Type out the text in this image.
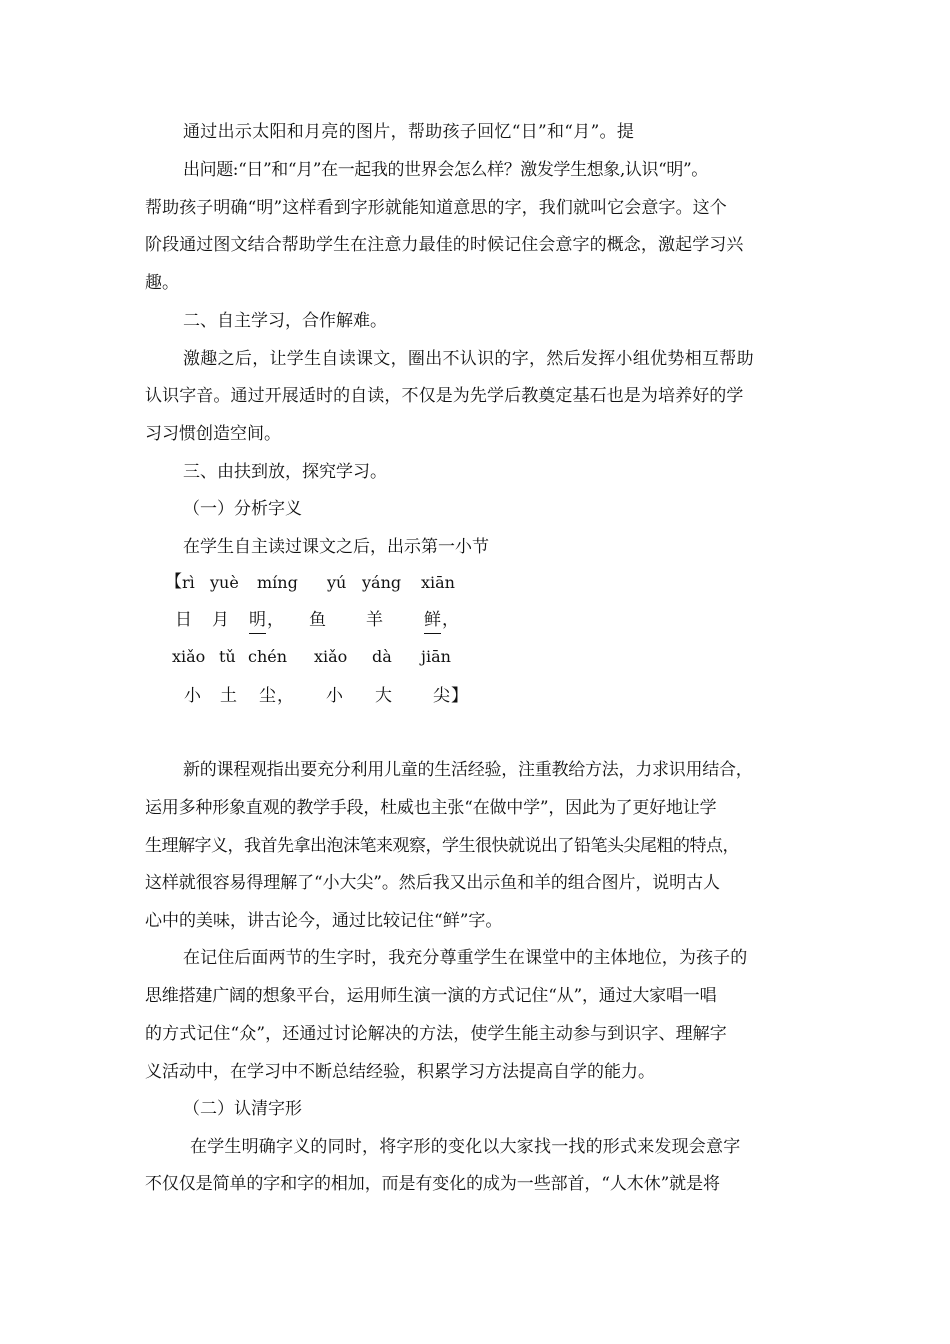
通过出示太阳和月亮的图片，帮助孩子回忆“日”和“月”。提
出问题:“日”和“月”在一起我的世界会怎么样？激发学生想象,认识“明”。
帮助孩子明确“明”这样看到字形就能知道意思的字，我们就叫它会意字。这个
阶段通过图文结合帮助学生在注意力最佳的时候记住会意字的概念，激起学习兴
趣。
二、自主学习，合作解难。
激趣之后，让学生自读课文，圈出不认识的字，然后发挥小组优势相互帮助
认识字音。通过开展适时的自读，不仅是为先学后教奠定基石也是为培养好的学
习习惯创造空间。
三、由扶到放，探究学习。
（一）分析字义
在学生自主读过课文之后，出示第一小节
【 rì yuè míng yú yáng xiān
日 月 明 ， 鱼 羊 鲜 ，
xiǎo tǔ chén xiǎo dà jiān
小 土 尘 ， 小 大 尖 】
新的课程观指出要充分利用儿童的生活经验，注重教给方法，力求识用结合，
运用多种形象直观的教学手段，杜威也主张“在做中学”，因此为了更好地让学
生理解字义，我首先拿出泡沫笔来观察，学生很快就说出了铅笔头尖尾粗的特点，
这样就很容易得理解了“小大尖”。然后我又出示鱼和羊的组合图片，说明古人
心中的美味，讲古论今，通过比较记住“鲜”字。
在记住后面两节的生字时，我充分尊重学生在课堂中的主体地位，为孩子的
思维搭建广阔的想象平台，运用师生演一演的方式记住“从”，通过大家唱一唱
的方式记住“众”，还通过讨论解决的方法，使学生能主动参与到识字、理解字
义活动中，在学习中不断总结经验，积累学习方法提高自学的能力。
（二）认清字形
在学生明确字义的同时，将字形的变化以大家找一找的形式来发现会意字
不仅仅是简单的字和字的相加，而是有变化的成为一些部首，“人木休”就是将
